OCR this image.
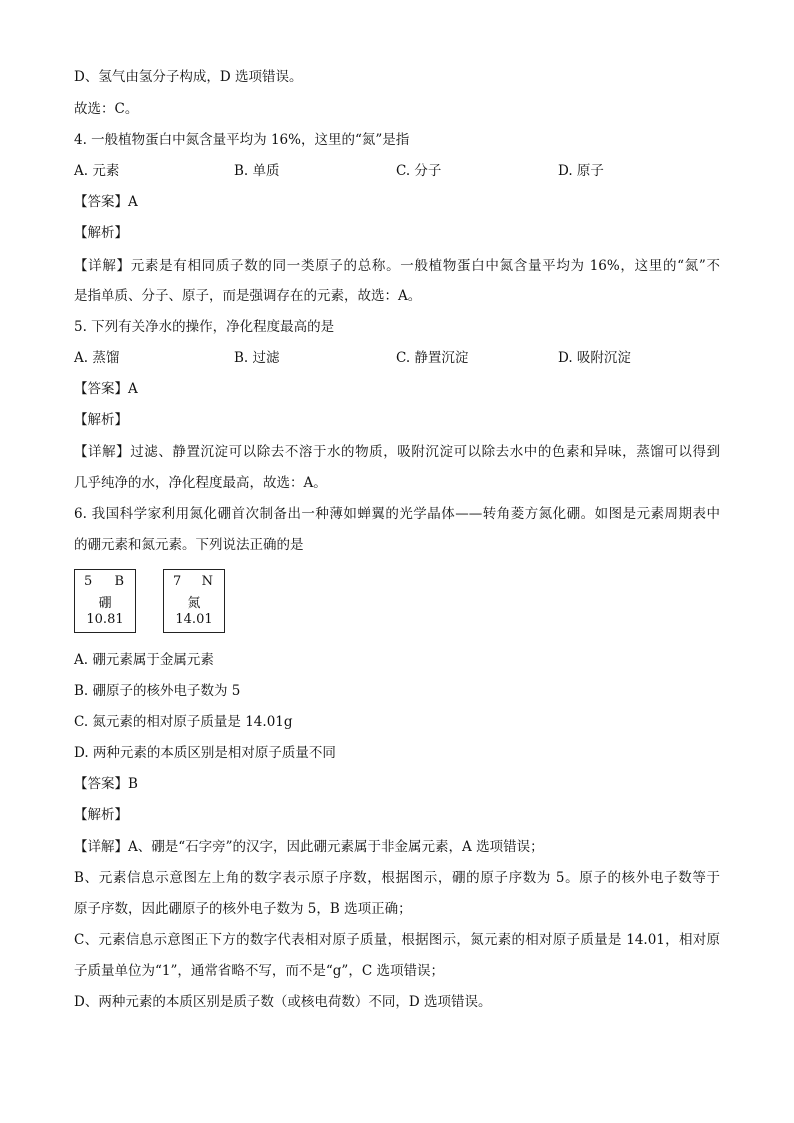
D、氢气由氢分子构成，D 选项错误。
故选：C。
4. 一般植物蛋白中氮含量平均为 16%，这里的“氮”是指
A. 元素	B. 单质	C. 分子	D. 原子
【答案】A
【解析】
【详解】元素是有相同质子数的同一类原子的总称。一般植物蛋白中氮含量平均为 16%，这里的“氮”不
是指单质、分子、原子，而是强调存在的元素，故选：A。
5. 下列有关净水的操作，净化程度最高的是
A. 蒸馏	B. 过滤	C. 静置沉淀	D. 吸附沉淀
【答案】A
【解析】
【详解】过滤、静置沉淀可以除去不溶于水的物质，吸附沉淀可以除去水中的色素和异味，蒸馏可以得到
几乎纯净的水，净化程度最高，故选：A。
6. 我国科学家利用氮化硼首次制备出一种薄如蝉翼的光学晶体——转角菱方氮化硼。如图是元素周期表中
的硼元素和氮元素。下列说法正确的是
5 B
硼
10.81
7 N
氮
14.01
A. 硼元素属于金属元素
B. 硼原子的核外电子数为 5
C. 氮元素的相对原子质量是 14.01g
D. 两种元素的本质区别是相对原子质量不同
【答案】B
【解析】
【详解】A、硼是“石字旁”的汉字，因此硼元素属于非金属元素，A 选项错误；
B、元素信息示意图左上角的数字表示原子序数，根据图示，硼的原子序数为 5。原子的核外电子数等于
原子序数，因此硼原子的核外电子数为 5，B 选项正确；
C、元素信息示意图正下方的数字代表相对原子质量，根据图示，氮元素的相对原子质量是 14.01，相对原
子质量单位为“1”，通常省略不写，而不是“g”，C 选项错误；
D、两种元素的本质区别是质子数（或核电荷数）不同，D 选项错误。
